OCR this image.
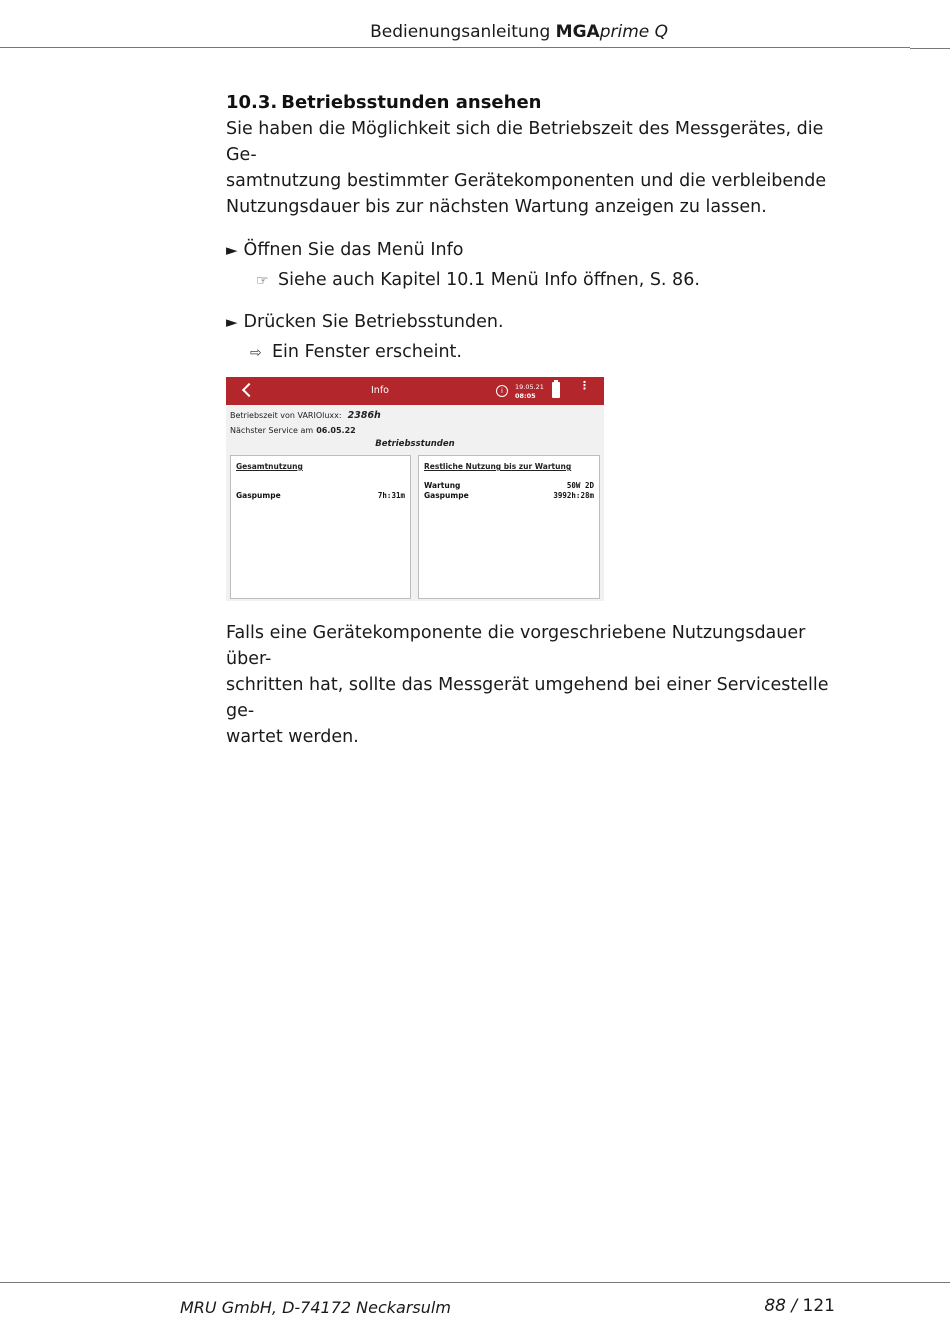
Bedienungsanleitung MGAprime Q
10.3. Betriebsstunden ansehen

Sie haben die Möglichkeit sich die Betriebszeit des Messgerätes, die Ge-

samtnutzung bestimmter Gerätekomponenten und die verbleibende

Nutzungsdauer bis zur nächsten Wartung anzeigen zu lassen.

► Öffnen Sie das Menü Info
☞ Siehe auch Kapitel 10.1 Menü Info öffnen, S. 86.
► Drücken Sie Betriebsstunden.
⇨ Ein Fenster erscheint.
Info	i	19.05.21
08:05
⋮
Betriebszeit von VARIOluxx: 2386h
Nächster Service am 06.05.22
Betriebsstunden
Gesamtnutzung
Gaspumpe	7h:31m
Restliche Nutzung bis zur Wartung
Wartung	50W 2D
Gaspumpe	3992h:28m

Falls eine Gerätekomponente die vorgeschriebene Nutzungsdauer über-

schritten hat, sollte das Messgerät umgehend bei einer Servicestelle ge-

wartet werden.

MRU GmbH, D-74172 Neckarsulm	88 / 121
